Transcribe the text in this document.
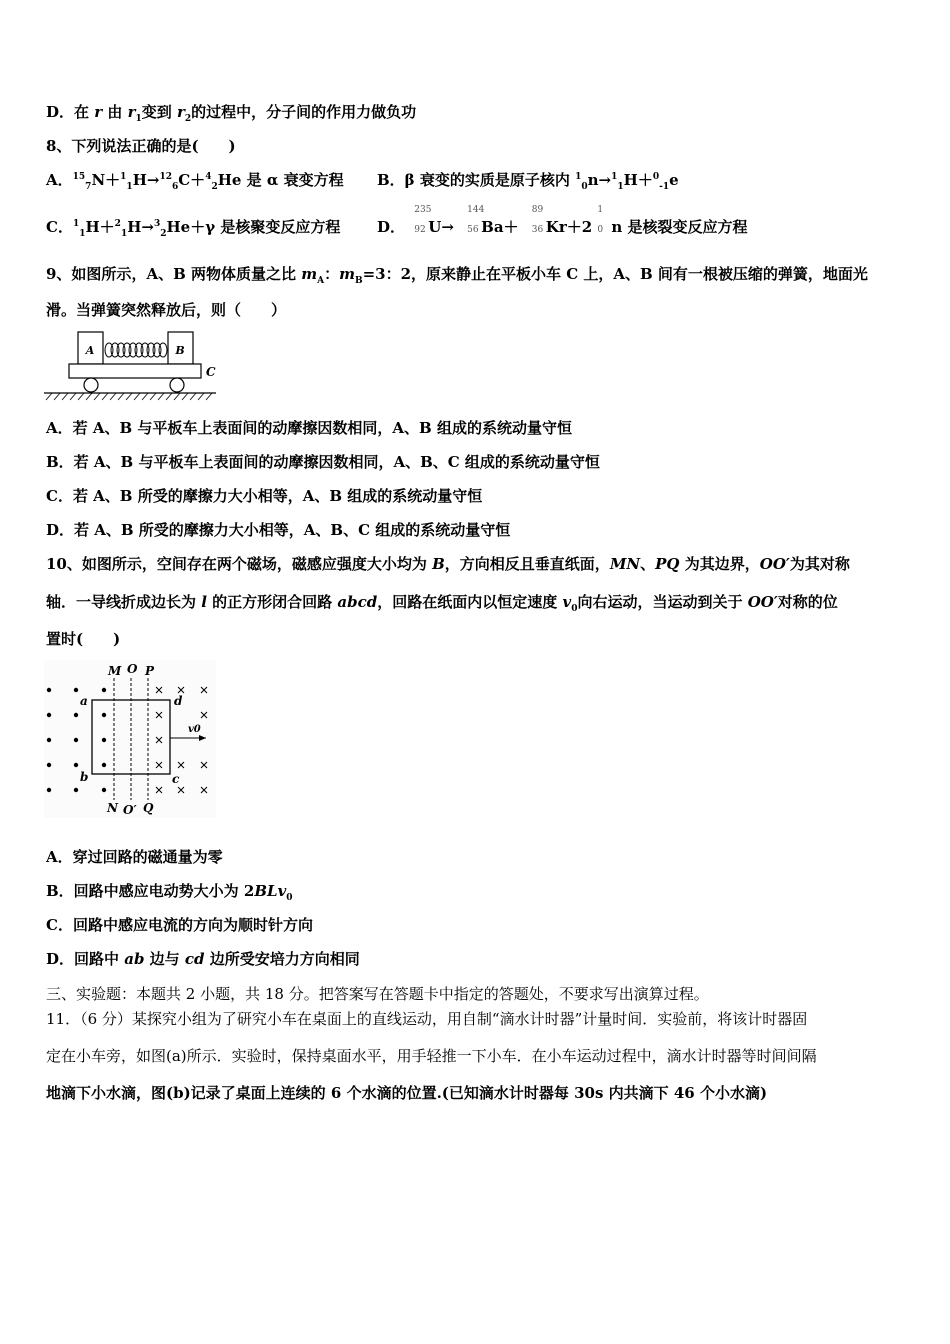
D．在 r 由 $r_1$变到 $r_2$的过程中，分子间的作用力做负功
8、下列说法正确的是(　　)
A．$^{15}_7$N＋$^1_1$H→$^{12}_6$C＋$^4_2$He 是 α 衰变方程 B．β 衰变的实质是原子核内 $^1_0$n→$^1_1$H＋$^0_{-1}$e
C．$^1_1$H＋$^2_1$H→$^3_2$He＋γ 是核聚变反应方程 D．
235
92 U→
144
56 Ba＋
89
36 Kr＋2
1
0 n 是核裂变反应方程
9、如图所示，A、B 两物体质量之比 $m_A$：$m_B=3$：2，原来静止在平板小车 C 上，A、B 间有一根被压缩的弹簧，地面光
滑。当弹簧突然释放后，则（　　）
A	B
C
A．若 A、B 与平板车上表面间的动摩擦因数相同，A、B 组成的系统动量守恒
B．若 A、B 与平板车上表面间的动摩擦因数相同，A、B、C 组成的系统动量守恒
C．若 A、B 所受的摩擦力大小相等，A、B 组成的系统动量守恒
D．若 A、B 所受的摩擦力大小相等，A、B、C 组成的系统动量守恒
10、如图所示，空间存在两个磁场，磁感应强度大小均为 B，方向相反且垂直纸面，MN、PQ 为其边界，OO′为其对称
轴．一导线折成边长为 l 的正方形闭合回路 abcd，回路在纸面内以恒定速度 $v_0$向右运动，当运动到关于 OO′对称的位
置时(　　)
M O P
N O′ Q
a
b	c
d
v0
A．穿过回路的磁通量为零
B．回路中感应电动势大小为 2BLv$_0$
C．回路中感应电流的方向为顺时针方向
D．回路中 ab 边与 cd 边所受安培力方向相同
三、实验题：本题共 2 小题，共 18 分。把答案写在答题卡中指定的答题处，不要求写出演算过程。
11．（6 分）某探究小组为了研究小车在桌面上的直线运动，用自制“滴水计时器”计量时间．实验前，将该计时器固
定在小车旁，如图(a)所示．实验时，保持桌面水平，用手轻推一下小车．在小车运动过程中，滴水计时器等时间间隔
地滴下小水滴，图(b)记录了桌面上连续的 6 个水滴的位置.(已知滴水计时器每 30s 内共滴下 46 个小水滴)
